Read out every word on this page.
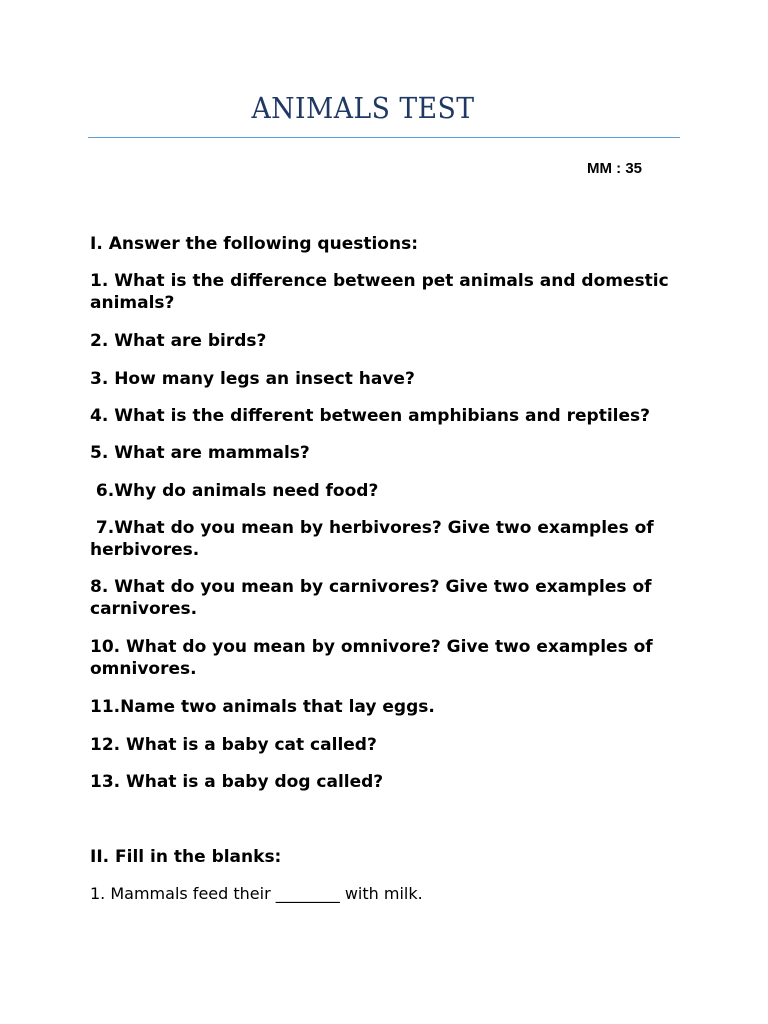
ANIMALS TEST
MM : 35
I. Answer the following questions:
1. What is the difference between pet animals and domestic animals?
2. What are birds?
3. How many legs an insect have?
4. What is the different between amphibians and reptiles?
5. What are mammals?
6.Why do animals need food?
7.What do you mean by herbivores? Give two examples of herbivores.
8. What do you mean by carnivores? Give two examples of carnivores.
10. What do you mean by omnivore? Give two examples of omnivores.
11.Name two animals that lay eggs.
12. What is a baby cat called?
13. What is a baby dog called?
II. Fill in the blanks:
1. Mammals feed their ________ with milk.
